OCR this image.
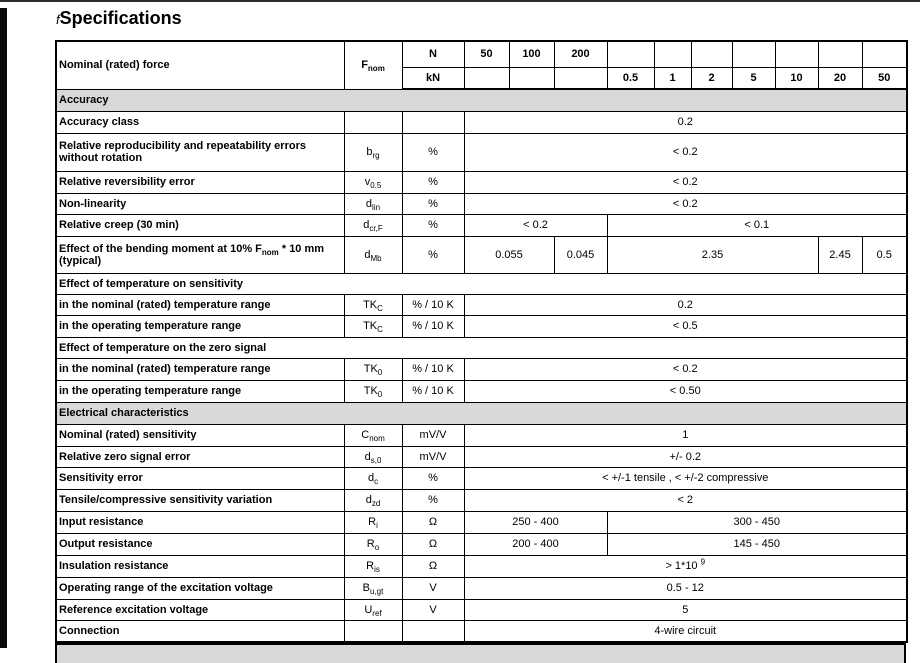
fSpecifications
Nominal (rated) force	$F_{nom}$	N	50	100	200							
		kN				0.5	1	2	5	10	20	50
Accuracy												
Accuracy class			0.2									
Relative reproducibility and repeatability errors without rotation	$b_{rg}$	%	< 0.2									
Relative reversibility error	$v_{0.5}$	%	< 0.2									
Non-linearity	$d_{lin}$	%	< 0.2									
Relative creep (30 min)	$d_{cr,F}$	%	< 0.2			< 0.1						
Effect of the bending moment at 10% $F_{nom} * 10$ mm (typical)	$d_{Mb}$	%	0.055		0.045	2.35					2.45	0.5
Effect of temperature on sensitivity												
in the nominal (rated) temperature range	$TK_C$	% / 10 K	0.2									
in the operating temperature range	$TK_C$	% / 10 K	< 0.5									
Effect of temperature on the zero signal												
in the nominal (rated) temperature range	$TK_0$	% / 10 K	< 0.2									
in the operating temperature range	$TK_0$	% / 10 K	< 0.50									
Electrical characteristics												
Nominal (rated) sensitivity	$C_{nom}$	mV/V	1									
Relative zero signal error	$d_{s,0}$	mV/V	+/- 0.2									
Sensitivity error	$d_c$	%	< +/-1 tensile , < +/-2 compressive									
Tensile/compressive sensitivity variation	$d_{zd}$	%	< 2									
Input resistance	$R_i$	Ω	250 - 400			300 - 450						
Output resistance	$R_o$	Ω	200 - 400			145 - 450						
Insulation resistance	$R_{is}$	Ω	> 1*10 $^9$
Operating range of the excitation voltage	$B_{u,gt}$	V	0.5 - 12									
Reference excitation voltage	$U_{ref}$	V	5									
Connection			4-wire circuit									
